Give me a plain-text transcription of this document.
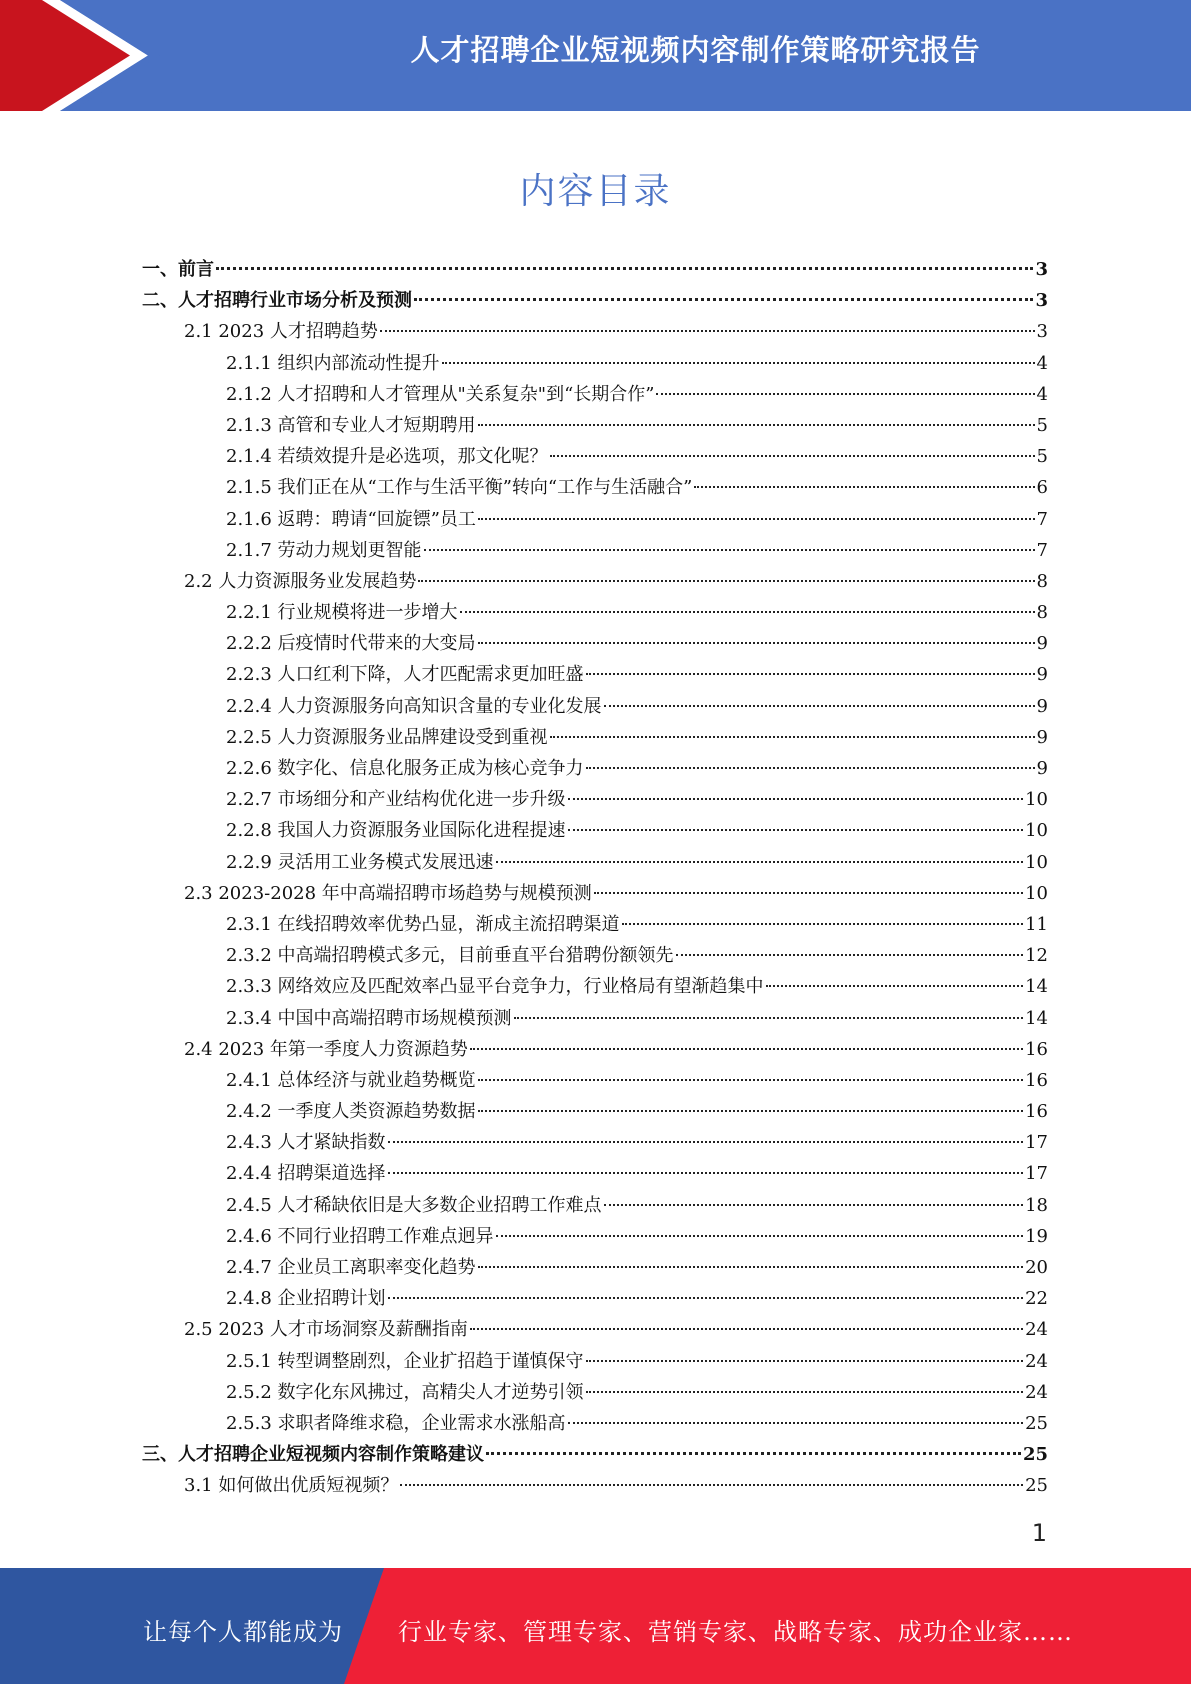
人才招聘企业短视频内容制作策略研究报告
内容目录
一、前言	3
二、人才招聘行业市场分析及预测	3
2.1 2023 人才招聘趋势	3
2.1.1 组织内部流动性提升	4
2.1.2 人才招聘和人才管理从"关系复杂"到“长期合作”	4
2.1.3 高管和专业人才短期聘用	5
2.1.4 若绩效提升是必选项，那文化呢？	5
2.1.5 我们正在从“工作与生活平衡”转向“工作与生活融合”	6
2.1.6 返聘：聘请“回旋镖”员工	7
2.1.7 劳动力规划更智能	7
2.2 人力资源服务业发展趋势	8
2.2.1 行业规模将进一步增大	8
2.2.2 后疫情时代带来的大变局	9
2.2.3 人口红利下降，人才匹配需求更加旺盛	9
2.2.4 人力资源服务向高知识含量的专业化发展	9
2.2.5 人力资源服务业品牌建设受到重视	9
2.2.6 数字化、信息化服务正成为核心竞争力	9
2.2.7 市场细分和产业结构优化进一步升级	10
2.2.8 我国人力资源服务业国际化进程提速	10
2.2.9 灵活用工业务模式发展迅速	10
2.3 2023-2028 年中高端招聘市场趋势与规模预测	10
2.3.1 在线招聘效率优势凸显，渐成主流招聘渠道	11
2.3.2 中高端招聘模式多元，目前垂直平台猎聘份额领先	12
2.3.3 网络效应及匹配效率凸显平台竞争力，行业格局有望渐趋集中	14
2.3.4 中国中高端招聘市场规模预测	14
2.4 2023 年第一季度人力资源趋势	16
2.4.1 总体经济与就业趋势概览	16
2.4.2 一季度人类资源趋势数据	16
2.4.3 人才紧缺指数	17
2.4.4 招聘渠道选择	17
2.4.5 人才稀缺依旧是大多数企业招聘工作难点	18
2.4.6 不同行业招聘工作难点迥异	19
2.4.7 企业员工离职率变化趋势	20
2.4.8 企业招聘计划	22
2.5 2023 人才市场洞察及薪酬指南	24
2.5.1 转型调整剧烈，企业扩招趋于谨慎保守	24
2.5.2 数字化东风拂过，高精尖人才逆势引领	24
2.5.3 求职者降维求稳，企业需求水涨船高	25
三、人才招聘企业短视频内容制作策略建议	25
3.1 如何做出优质短视频？	25
1
让每个人都能成为 行业专家、管理专家、营销专家、战略专家、成功企业家……
